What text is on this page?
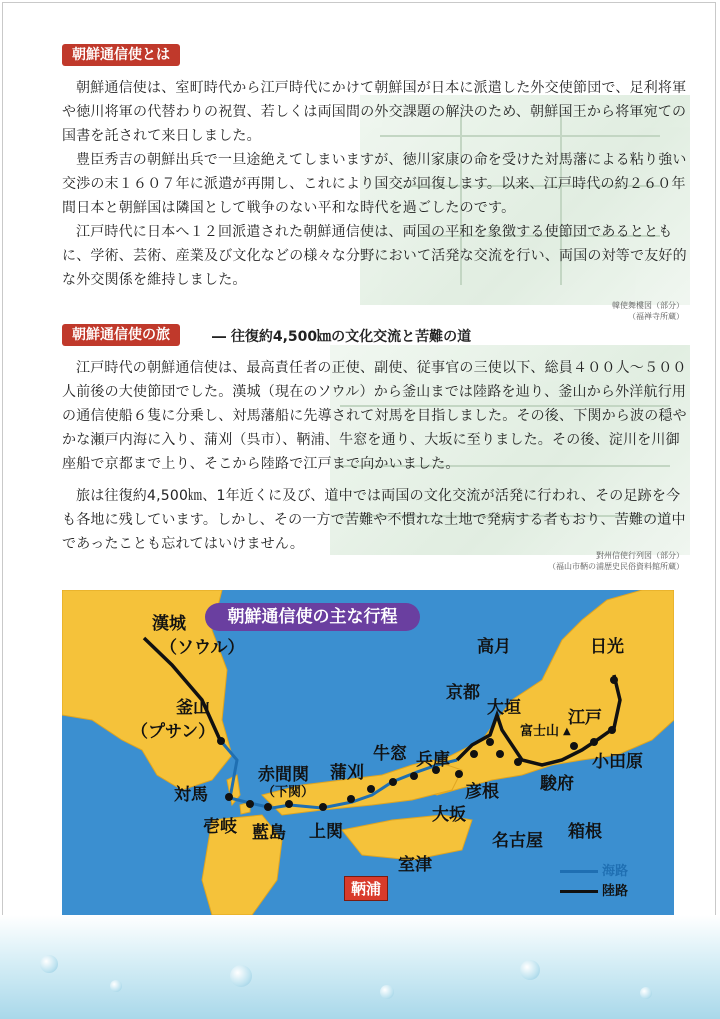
朝鮮通信使とは

朝鮮通信使は、室町時代から江戸時代にかけて朝鮮国が日本に派遣した外交使節団で、足利将軍や徳川将軍の代替わりの祝賀、若しくは両国間の外交課題の解決のため、朝鮮国王から将軍宛ての国書を託されて来日しました。

豊臣秀吉の朝鮮出兵で一旦途絶えてしまいますが、徳川家康の命を受けた対馬藩による粘り強い交渉の末１６０７年に派遣が再開し、これにより国交が回復します。以来、江戸時代の約２６０年間日本と朝鮮国は隣国として戦争のない平和な時代を過ごしたのです。

江戸時代に日本へ１２回派遣された朝鮮通信使は、両国の平和を象徴する使節団であるとともに、学術、芸術、産業及び文化などの様々な分野において活発な交流を行い、両国の対等で友好的な外交関係を維持しました。

韓使舞樓図（部分）
（福禅寺所蔵）
朝鮮通信使の旅	― 往復約4,500㎞の文化交流と苦難の道

江戸時代の朝鮮通信使は、最高責任者の正使、副使、従事官の三使以下、総員４００人～５００人前後の大使節団でした。漢城（現在のソウル）から釜山までは陸路を辿り、釜山から外洋航行用の通信使船６隻に分乗し、対馬藩船に先導されて対馬を目指しました。その後、下関から波の穏やかな瀬戸内海に入り、蒲刈（呉市）、鞆浦、牛窓を通り、大坂に至りました。その後、淀川を川御座船で京都まで上り、そこから陸路で江戸まで向かいました。

旅は往復約4,500㎞、1年近くに及び、道中では両国の文化交流が活発に行われ、その足跡を今も各地に残しています。しかし、その一方で苦難や不慣れな土地で発病する者もおり、苦難の道中であったことも忘れてはいけません。

對州信使行列図（部分）
（福山市鞆の浦歴史民俗資料館所蔵）
朝鮮通信使の主な行程
▲
漢城
（ソウル）
釜山
（プサン）
対馬
壱岐 藍島
赤間関
（下関）
上関
蒲刈
鞆浦
牛窓
室津
兵庫
大坂
京都
高月
大垣
彦根
名古屋
富士山
駿府
江戸
日光
小田原
箱根
海路
陸路
